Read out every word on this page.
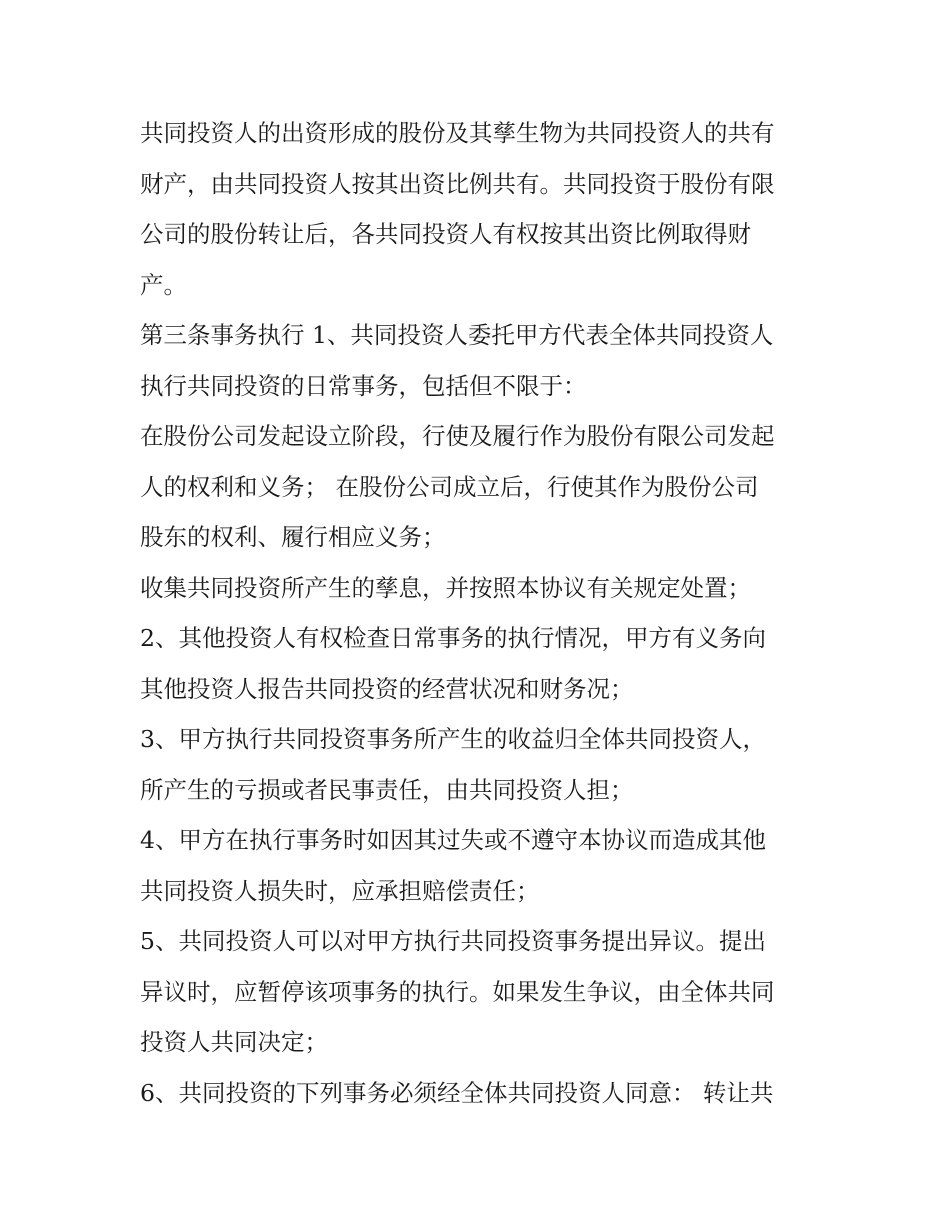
共同投资人的出资形成的股份及其孳生物为共同投资人的共有
财产，由共同投资人按其出资比例共有。共同投资于股份有限
公司的股份转让后，各共同投资人有权按其出资比例取得财
产。

第三条事务执行 1、共同投资人委托甲方代表全体共同投资人
执行共同投资的日常事务，包括但不限于：

在股份公司发起设立阶段，行使及履行作为股份有限公司发起
人的权利和义务； 在股份公司成立后，行使其作为股份公司
股东的权利、履行相应义务；

收集共同投资所产生的孳息，并按照本协议有关规定处置；

2、其他投资人有权检查日常事务的执行情况，甲方有义务向
其他投资人报告共同投资的经营状况和财务况；

3、甲方执行共同投资事务所产生的收益归全体共同投资人，
所产生的亏损或者民事责任，由共同投资人担；

4、甲方在执行事务时如因其过失或不遵守本协议而造成其他
共同投资人损失时，应承担赔偿责任；

5、共同投资人可以对甲方执行共同投资事务提出异议。提出
异议时，应暂停该项事务的执行。如果发生争议，由全体共同
投资人共同决定；

6、共同投资的下列事务必须经全体共同投资人同意： 转让共
